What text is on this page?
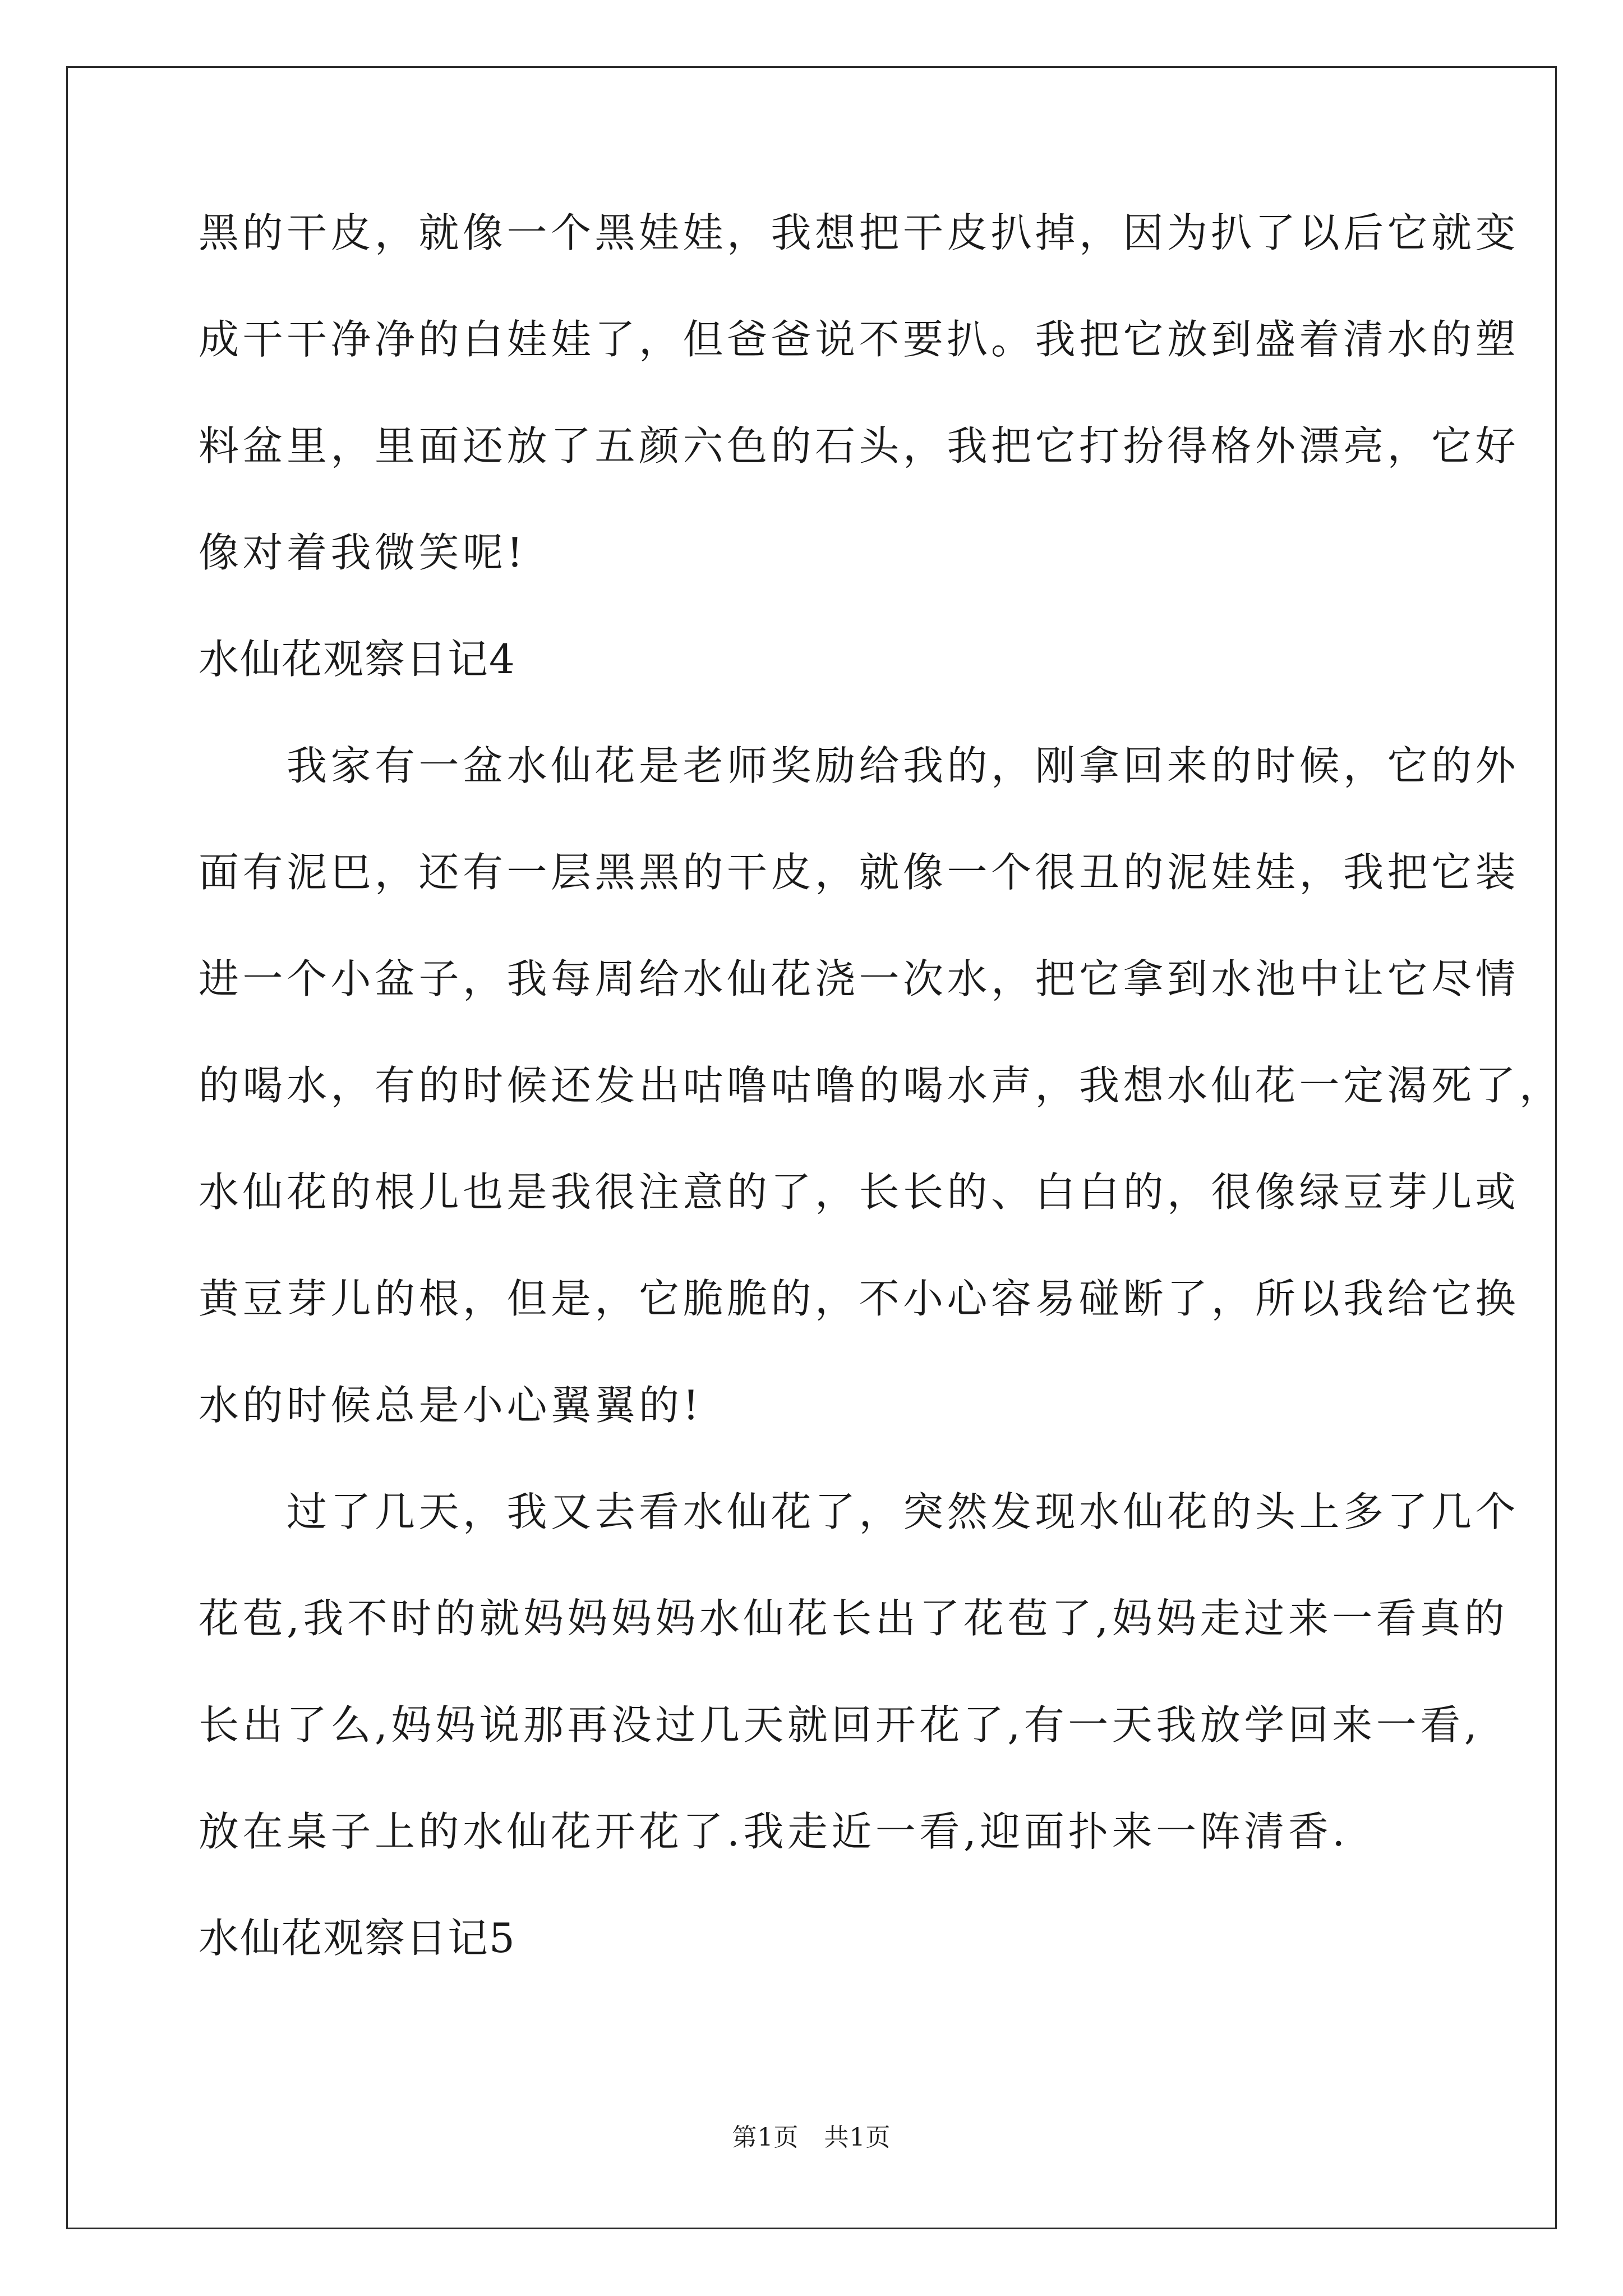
黑的干皮，就像一个黑娃娃，我想把干皮扒掉，因为扒了以后它就变
成干干净净的白娃娃了，但爸爸说不要扒。我把它放到盛着清水的塑
料盆里，里面还放了五颜六色的石头，我把它打扮得格外漂亮，它好
像对着我微笑呢!
水仙花观察日记4
　　我家有一盆水仙花是老师奖励给我的，刚拿回来的时候，它的外
面有泥巴，还有一层黑黑的干皮，就像一个很丑的泥娃娃，我把它装
进一个小盆子，我每周给水仙花浇一次水，把它拿到水池中让它尽情
的喝水，有的时候还发出咕噜咕噜的喝水声，我想水仙花一定渴死了，
水仙花的根儿也是我很注意的了，长长的、白白的，很像绿豆芽儿或
黄豆芽儿的根，但是，它脆脆的，不小心容易碰断了，所以我给它换
水的时候总是小心翼翼的!
　　过了几天，我又去看水仙花了，突然发现水仙花的头上多了几个
花苞,我不时的就妈妈妈妈水仙花长出了花苞了,妈妈走过来一看真的
长出了么,妈妈说那再没过几天就回开花了,有一天我放学回来一看,
放在桌子上的水仙花开花了.我走近一看,迎面扑来一阵清香.
水仙花观察日记5
第1页　共1页
